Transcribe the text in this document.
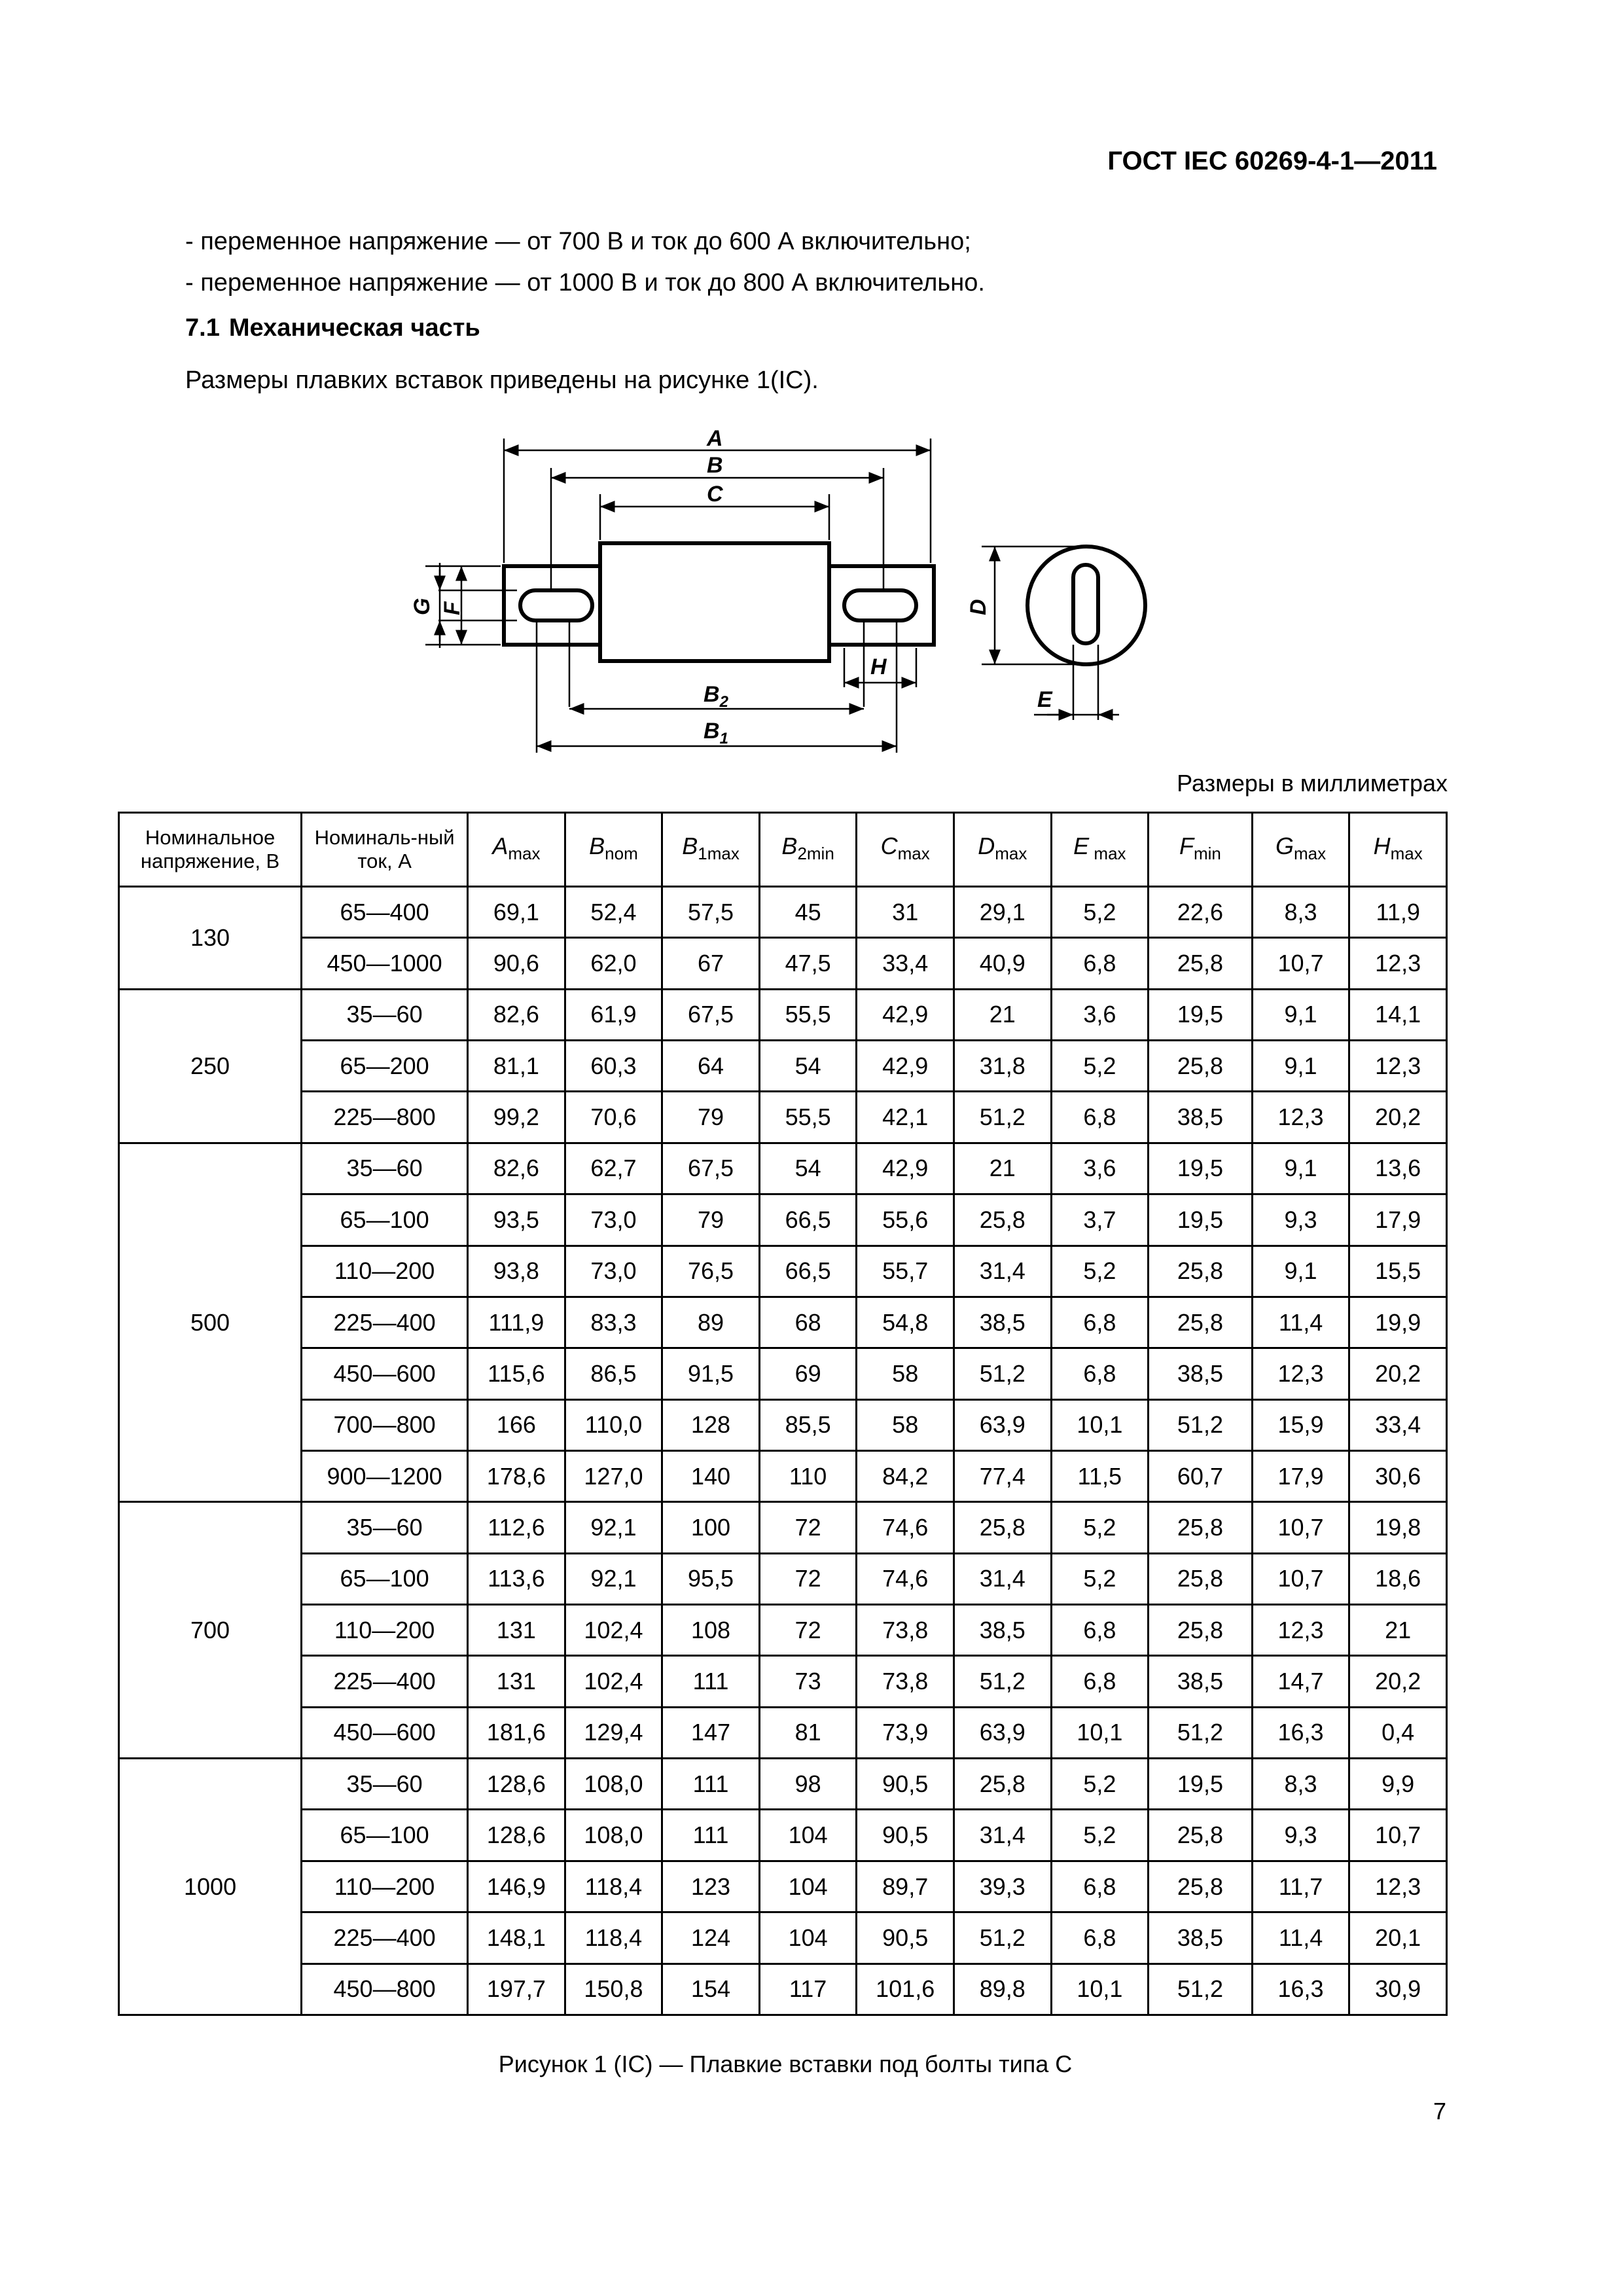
ГОСТ IEC 60269-4-1—2011
- переменное напряжение — от 700 В и ток до 600 А включительно;
- переменное напряжение — от 1000 В и ток до 800 А включительно.
7.1 Механическая часть
Размеры плавких вставок приведены на рисунке 1(IC).
A
B
C
H
E
$B_2$
$B_1$
F
G	D
Размеры в миллиметрах
Номинальное напряжение, В	Номиналь-ный ток, А	$A_{max}$	$B_{nom}$	$B_{1max}$	$B_{2min}$	$C_{max}$	$D_{max}$	E $_{max}$	$F_{min}$	$G_{max}$	$H_{max}$
130	65—400	69,1	52,4	57,5	45	31	29,1	5,2	22,6	8,3	11,9
	450—1000	90,6	62,0	67	47,5	33,4	40,9	6,8	25,8	10,7	12,3
250	35—60	82,6	61,9	67,5	55,5	42,9	21	3,6	19,5	9,1	14,1
	65—200	81,1	60,3	64	54	42,9	31,8	5,2	25,8	9,1	12,3
	225—800	99,2	70,6	79	55,5	42,1	51,2	6,8	38,5	12,3	20,2
500	35—60	82,6	62,7	67,5	54	42,9	21	3,6	19,5	9,1	13,6
	65—100	93,5	73,0	79	66,5	55,6	25,8	3,7	19,5	9,3	17,9
	110—200	93,8	73,0	76,5	66,5	55,7	31,4	5,2	25,8	9,1	15,5
	225—400	111,9	83,3	89	68	54,8	38,5	6,8	25,8	11,4	19,9
	450—600	115,6	86,5	91,5	69	58	51,2	6,8	38,5	12,3	20,2
	700—800	166	110,0	128	85,5	58	63,9	10,1	51,2	15,9	33,4
	900—1200	178,6	127,0	140	110	84,2	77,4	11,5	60,7	17,9	30,6
700	35—60	112,6	92,1	100	72	74,6	25,8	5,2	25,8	10,7	19,8
	65—100	113,6	92,1	95,5	72	74,6	31,4	5,2	25,8	10,7	18,6
	110—200	131	102,4	108	72	73,8	38,5	6,8	25,8	12,3	21
	225—400	131	102,4	111	73	73,8	51,2	6,8	38,5	14,7	20,2
	450—600	181,6	129,4	147	81	73,9	63,9	10,1	51,2	16,3	0,4
1000	35—60	128,6	108,0	111	98	90,5	25,8	5,2	19,5	8,3	9,9
	65—100	128,6	108,0	111	104	90,5	31,4	5,2	25,8	9,3	10,7
	110—200	146,9	118,4	123	104	89,7	39,3	6,8	25,8	11,7	12,3
	225—400	148,1	118,4	124	104	90,5	51,2	6,8	38,5	11,4	20,1
	450—800	197,7	150,8	154	117	101,6	89,8	10,1	51,2	16,3	30,9
Рисунок 1 (IC) — Плавкие вставки под болты типа С
7
